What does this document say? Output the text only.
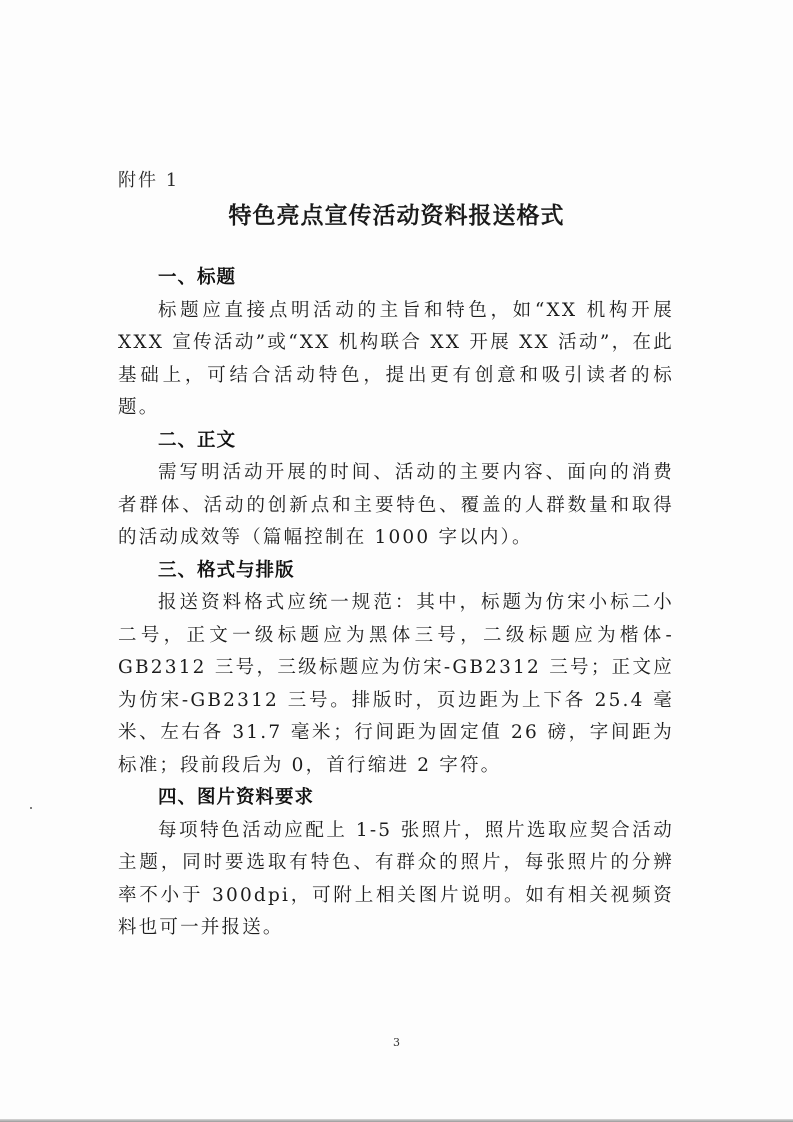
附件 1
特色亮点宣传活动资料报送格式
一、标题

标题应直接点明活动的主旨和特色，如“XX 机构开展 XXX 宣传活动”或“XX 机构联合 XX 开展 XX 活动”，在此基础上，可结合活动特色，提出更有创意和吸引读者的标题。

二、正文

需写明活动开展的时间、活动的主要内容、面向的消费者群体、活动的创新点和主要特色、覆盖的人群数量和取得的活动成效等（篇幅控制在 1000 字以内）。

三、格式与排版

报送资料格式应统一规范：其中，标题为仿宋小标二小二号，正文一级标题应为黑体三号，二级标题应为楷体-GB2312 三号，三级标题应为仿宋-GB2312 三号；正文应为仿宋-GB2312 三号。排版时，页边距为上下各 25.4 毫米、左右各 31.7 毫米；行间距为固定值 26 磅，字间距为标准；段前段后为 0，首行缩进 2 字符。

四、图片资料要求

每项特色活动应配上 1-5 张照片，照片选取应契合活动主题，同时要选取有特色、有群众的照片，每张照片的分辨率不小于 300dpi，可附上相关图片说明。如有相关视频资料也可一并报送。

3
